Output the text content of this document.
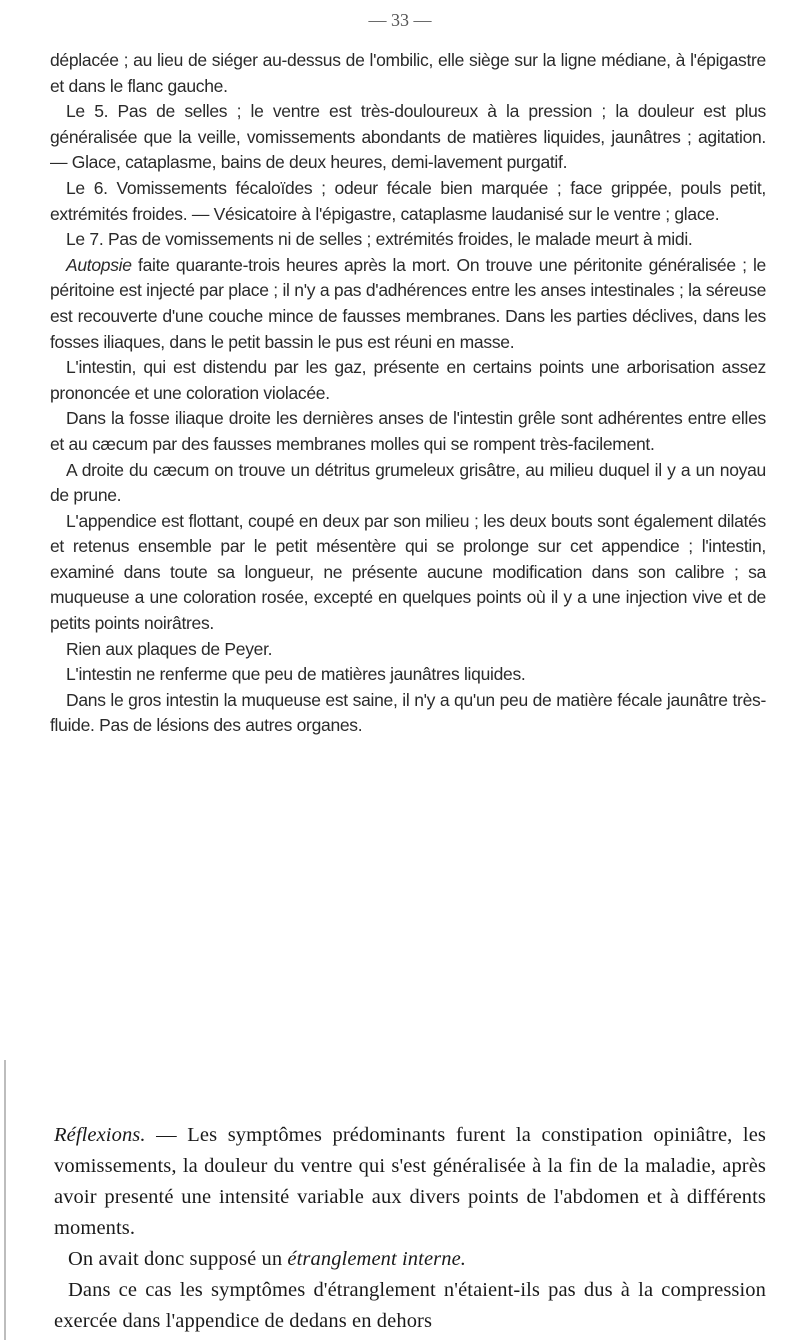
— 33 —

déplacée ; au lieu de siéger au-dessus de l'ombilic, elle siège sur la ligne médiane, à l'épigastre et dans le flanc gauche.

Le 5. Pas de selles ; le ventre est très-douloureux à la pression ; la douleur est plus généralisée que la veille, vomissements abondants de matières liquides, jaunâtres ; agitation. — Glace, cataplasme, bains de deux heures, demi-lavement purgatif.

Le 6. Vomissements fécaloïdes ; odeur fécale bien marquée ; face grippée, pouls petit, extrémités froides. — Vésicatoire à l'épigastre, cataplasme laudanisé sur le ventre ; glace.

Le 7. Pas de vomissements ni de selles ; extrémités froides, le malade meurt à midi.

Autopsie faite quarante-trois heures après la mort. On trouve une péritonite généralisée ; le péritoine est injecté par place ; il n'y a pas d'adhérences entre les anses intestinales ; la séreuse est recouverte d'une couche mince de fausses membranes. Dans les parties déclives, dans les fosses iliaques, dans le petit bassin le pus est réuni en masse.

L'intestin, qui est distendu par les gaz, présente en certains points une arborisation assez prononcée et une coloration violacée.

Dans la fosse iliaque droite les dernières anses de l'intestin grêle sont adhérentes entre elles et au cæcum par des fausses membranes molles qui se rompent très-facilement.

A droite du cæcum on trouve un détritus grumeleux grisâtre, au milieu duquel il y a un noyau de prune.

L'appendice est flottant, coupé en deux par son milieu ; les deux bouts sont également dilatés et retenus ensemble par le petit mésentère qui se prolonge sur cet appendice ; l'intestin, examiné dans toute sa longueur, ne présente aucune modification dans son calibre ; sa muqueuse a une coloration rosée, excepté en quelques points où il y a une injection vive et de petits points noirâtres.

Rien aux plaques de Peyer.

L'intestin ne renferme que peu de matières jaunâtres liquides.

Dans le gros intestin la muqueuse est saine, il n'y a qu'un peu de matière fécale jaunâtre très-fluide. Pas de lésions des autres organes.

Réflexions. — Les symptômes prédominants furent la constipation opiniâtre, les vomissements, la douleur du ventre qui s'est généralisée à la fin de la maladie, après avoir presenté une intensité variable aux divers points de l'abdomen et à différents moments.

On avait donc supposé un étranglement interne.

Dans ce cas les symptômes d'étranglement n'étaient-ils pas dus à la compression exercée dans l'appendice de dedans en dehors
